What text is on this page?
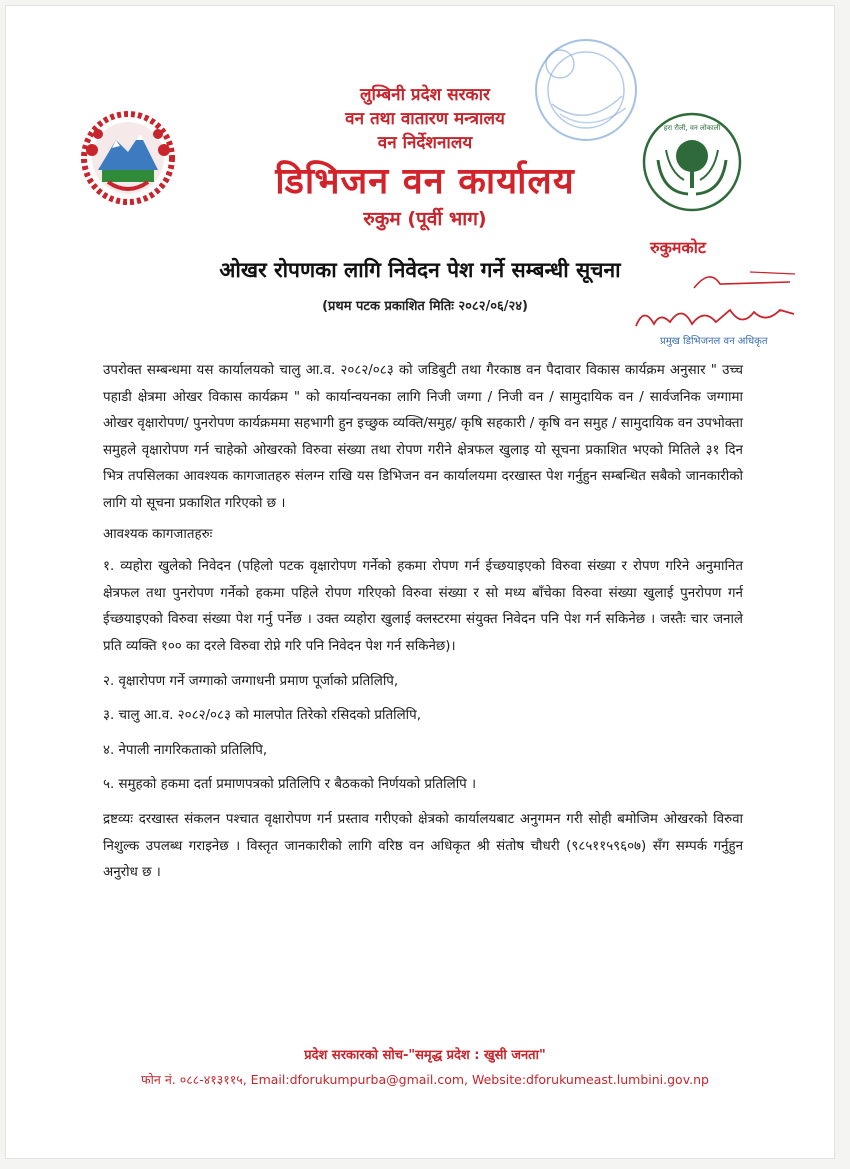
लुम्बिनी प्रदेश सरकार
वन तथा वातारण मन्त्रालय
वन निर्देशनालय
डिभिजन वन कार्यालय
रुकुम (पूर्वी भाग)
हरा रौली, वन लोकाली
रुकुमकोट
प्रमुख डिभिजनल वन अधिकृत
ओखर रोपणका लागि निवेदन पेश गर्ने सम्बन्धी सूचना
(प्रथम पटक प्रकाशित मितिः २०८२/०६/२४)

उपरोक्त सम्बन्धमा यस कार्यालयको चालु आ.व. २०८२/०८३ को जडिबुटी तथा गैरकाष्ठ वन पैदावार विकास कार्यक्रम अनुसार " उच्च पहाडी क्षेत्रमा ओखर विकास कार्यक्रम " को कार्यान्वयनका लागि निजी जग्गा / निजी वन / सामुदायिक वन / सार्वजनिक जग्गामा ओखर वृक्षारोपण/ पुनरोपण कार्यक्रममा सहभागी हुन इच्छुक व्यक्ति/समुह/ कृषि सहकारी / कृषि वन समुह / सामुदायिक वन उपभोक्ता समुहले वृक्षारोपण गर्न चाहेको ओखरको विरुवा संख्या तथा रोपण गरीने क्षेत्रफल खुलाइ यो सूचना प्रकाशित भएको मितिले ३१ दिन भित्र तपसिलका आवश्यक कागजातहरु संलग्न राखि यस डिभिजन वन कार्यालयमा दरखास्त पेश गर्नुहुन सम्बन्धित सबैको जानकारीको लागि यो सूचना प्रकाशित गरिएको छ ।

आवश्यक कागजातहरुः

१. व्यहोरा खुलेको निवेदन (पहिलो पटक वृक्षारोपण गर्नेको हकमा रोपण गर्न ईच्छयाइएको विरुवा संख्या र रोपण गरिने अनुमानित क्षेत्रफल तथा पुनरोपण गर्नेको हकमा पहिले रोपण गरिएको विरुवा संख्या र सो मध्य बाँचेका विरुवा संख्या खुलाई पुनरोपण गर्न ईच्छयाइएको विरुवा संख्या पेश गर्नु पर्नेछ । उक्त व्यहोरा खुलाई क्लस्टरमा संयुक्त निवेदन पनि पेश गर्न सकिनेछ । जस्तैः चार जनाले प्रति व्यक्ति १०० का दरले विरुवा रोप्ने गरि पनि निवेदन पेश गर्न सकिनेछ)।
२. वृक्षारोपण गर्ने जग्गाको जग्गाधनी प्रमाण पूर्जाको प्रतिलिपि,
३. चालु आ.व. २०८२/०८३ को मालपोत तिरेको रसिदको प्रतिलिपि,
४. नेपाली नागरिकताको प्रतिलिपि,
५. समुहको हकमा दर्ता प्रमाणपत्रको प्रतिलिपि र बैठकको निर्णयको प्रतिलिपि ।

द्रष्टव्यः दरखास्त संकलन पश्चात वृक्षारोपण गर्न प्रस्ताव गरीएको क्षेत्रको कार्यालयबाट अनुगमन गरी सोही बमोजिम ओखरको विरुवा निशुल्क उपलब्ध गराइनेछ । विस्तृत जानकारीको लागि वरिष्ठ वन अधिकृत श्री संतोष चौधरी (९८५११५९६०७) सँग सम्पर्क गर्नुहुन अनुरोध छ ।

प्रदेश सरकारको सोच-"समृद्ध प्रदेश : खुसी जनता"
फोन नं. ०८८-४१३११५, Email:dforukumpurba@gmail.com, Website:dforukumeast.lumbini.gov.np
